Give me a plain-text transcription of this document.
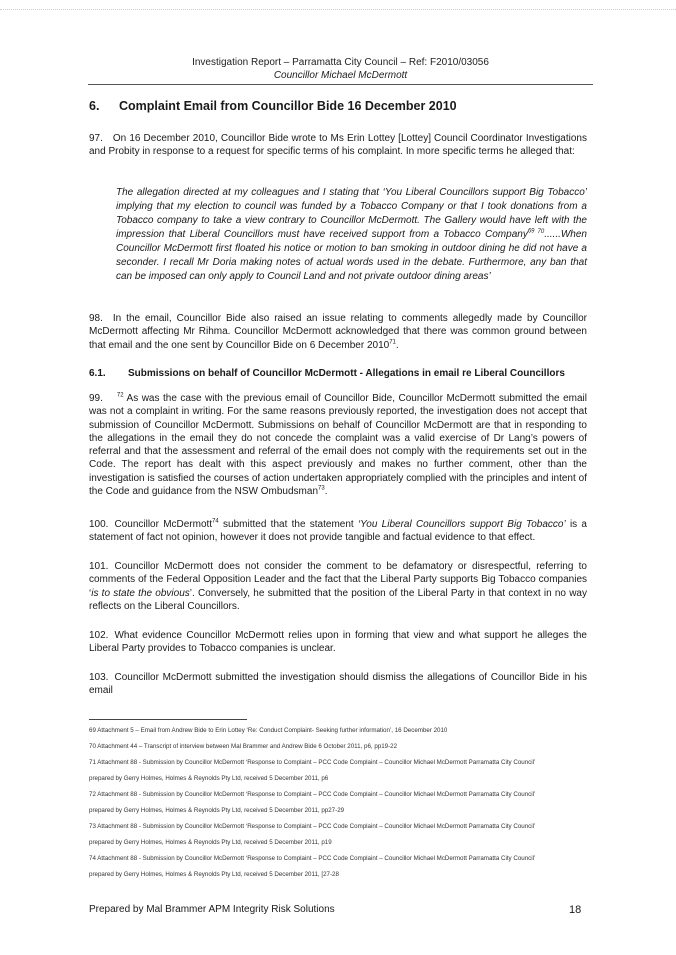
Investigation Report – Parramatta City Council – Ref: F2010/03056
Councillor Michael McDermott
6. Complaint Email from Councillor Bide 16 December 2010
97. On 16 December 2010, Councillor Bide wrote to Ms Erin Lottey [Lottey] Council Coordinator Investigations and Probity in response to a request for specific terms of his complaint. In more specific terms he alleged that:
The allegation directed at my colleagues and I stating that ‘You Liberal Councillors support Big Tobacco’ implying that my election to council was funded by a Tobacco Company or that I took donations from a Tobacco company to take a view contrary to Councillor McDermott. The Gallery would have left with the impression that Liberal Councillors must have received support from a Tobacco Company$^{69}$ $^{70}$......When Councillor McDermott first floated his notice or motion to ban smoking in outdoor dining he did not have a seconder. I recall Mr Doria making notes of actual words used in the debate. Furthermore, any ban that can be imposed can only apply to Council Land and not private outdoor dining areas’
98. In the email, Councillor Bide also raised an issue relating to comments allegedly made by Councillor McDermott affecting Mr Rihma. Councillor McDermott acknowledged that there was common ground between that email and the one sent by Councillor Bide on 6 December 2010$^{71}$.
6.1. Submissions on behalf of Councillor McDermott - Allegations in email re Liberal Councillors
99. $^{72}$ As was the case with the previous email of Councillor Bide, Councillor McDermott submitted the email was not a complaint in writing. For the same reasons previously reported, the investigation does not accept that submission of Councillor McDermott. Submissions on behalf of Councillor McDermott are that in responding to the allegations in the email they do not concede the complaint was a valid exercise of Dr Lang’s powers of referral and that the assessment and referral of the email does not comply with the requirements set out in the Code. The report has dealt with this aspect previously and makes no further comment, other than the investigation is satisfied the courses of action undertaken appropriately complied with the principles and intent of the Code and guidance from the NSW Ombudsman$^{73}$.
100. Councillor McDermott$^{74}$ submitted that the statement ‘You Liberal Councillors support Big Tobacco’ is a statement of fact not opinion, however it does not provide tangible and factual evidence to that effect.
101. Councillor McDermott does not consider the comment to be defamatory or disrespectful, referring to comments of the Federal Opposition Leader and the fact that the Liberal Party supports Big Tobacco companies ‘is to state the obvious’. Conversely, he submitted that the position of the Liberal Party in that context in no way reflects on the Liberal Councillors.
102. What evidence Councillor McDermott relies upon in forming that view and what support he alleges the Liberal Party provides to Tobacco companies is unclear.
103. Councillor McDermott submitted the investigation should dismiss the allegations of Councillor Bide in his email
69 Attachment 5 – Email from Andrew Bide to Erin Lottey ‘Re: Conduct Complaint- Seeking further information’, 16 December 2010
70 Attachment 44 – Transcript of interview between Mal Brammer and Andrew Bide 6 October 2011, p6, pp19-22
71 Attachment 88 - Submission by Councillor McDermott ‘Response to Complaint – PCC Code Complaint – Councillor Michael McDermott Parramatta City Council’
prepared by Gerry Holmes, Holmes & Reynolds Pty Ltd, received 5 December 2011, p6
72 Attachment 88 - Submission by Councillor McDermott ‘Response to Complaint – PCC Code Complaint – Councillor Michael McDermott Parramatta City Council’
prepared by Gerry Holmes, Holmes & Reynolds Pty Ltd, received 5 December 2011, pp27-29
73 Attachment 88 - Submission by Councillor McDermott ‘Response to Complaint – PCC Code Complaint – Councillor Michael McDermott Parramatta City Council’
prepared by Gerry Holmes, Holmes & Reynolds Pty Ltd, received 5 December 2011, p19
74 Attachment 88 - Submission by Councillor McDermott ‘Response to Complaint – PCC Code Complaint – Councillor Michael McDermott Parramatta City Council’
prepared by Gerry Holmes, Holmes & Reynolds Pty Ltd, received 5 December 2011, [27-28
Prepared by Mal Brammer APM Integrity Risk Solutions	18
